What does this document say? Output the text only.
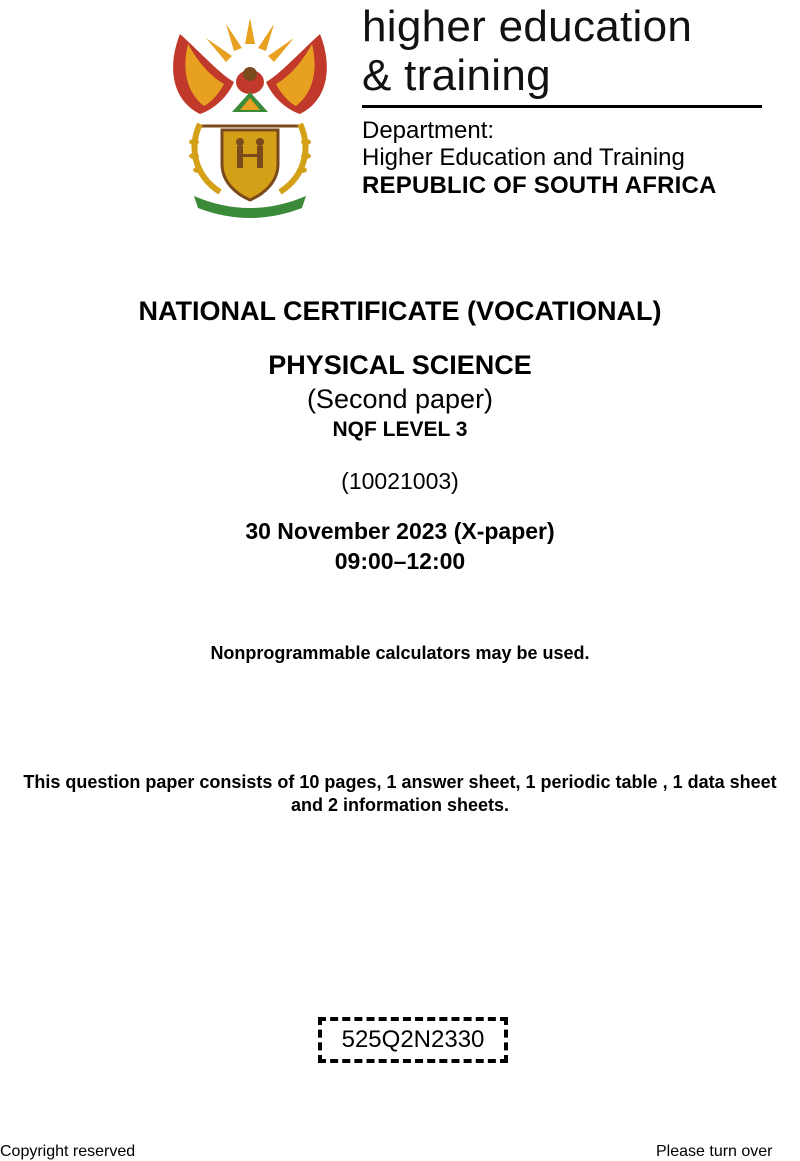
higher education
& training
Department:
Higher Education and Training
REPUBLIC OF SOUTH AFRICA
NATIONAL CERTIFICATE (VOCATIONAL)
PHYSICAL SCIENCE
(Second paper)
NQF LEVEL 3
(10021003)
30 November 2023 (X-paper)
09:00–12:00
Nonprogrammable calculators may be used.
This question paper consists of 10 pages, 1 answer sheet, 1 periodic table , 1 data sheet
and 2 information sheets.
525Q2N2330
Copyright reserved	Please turn over
